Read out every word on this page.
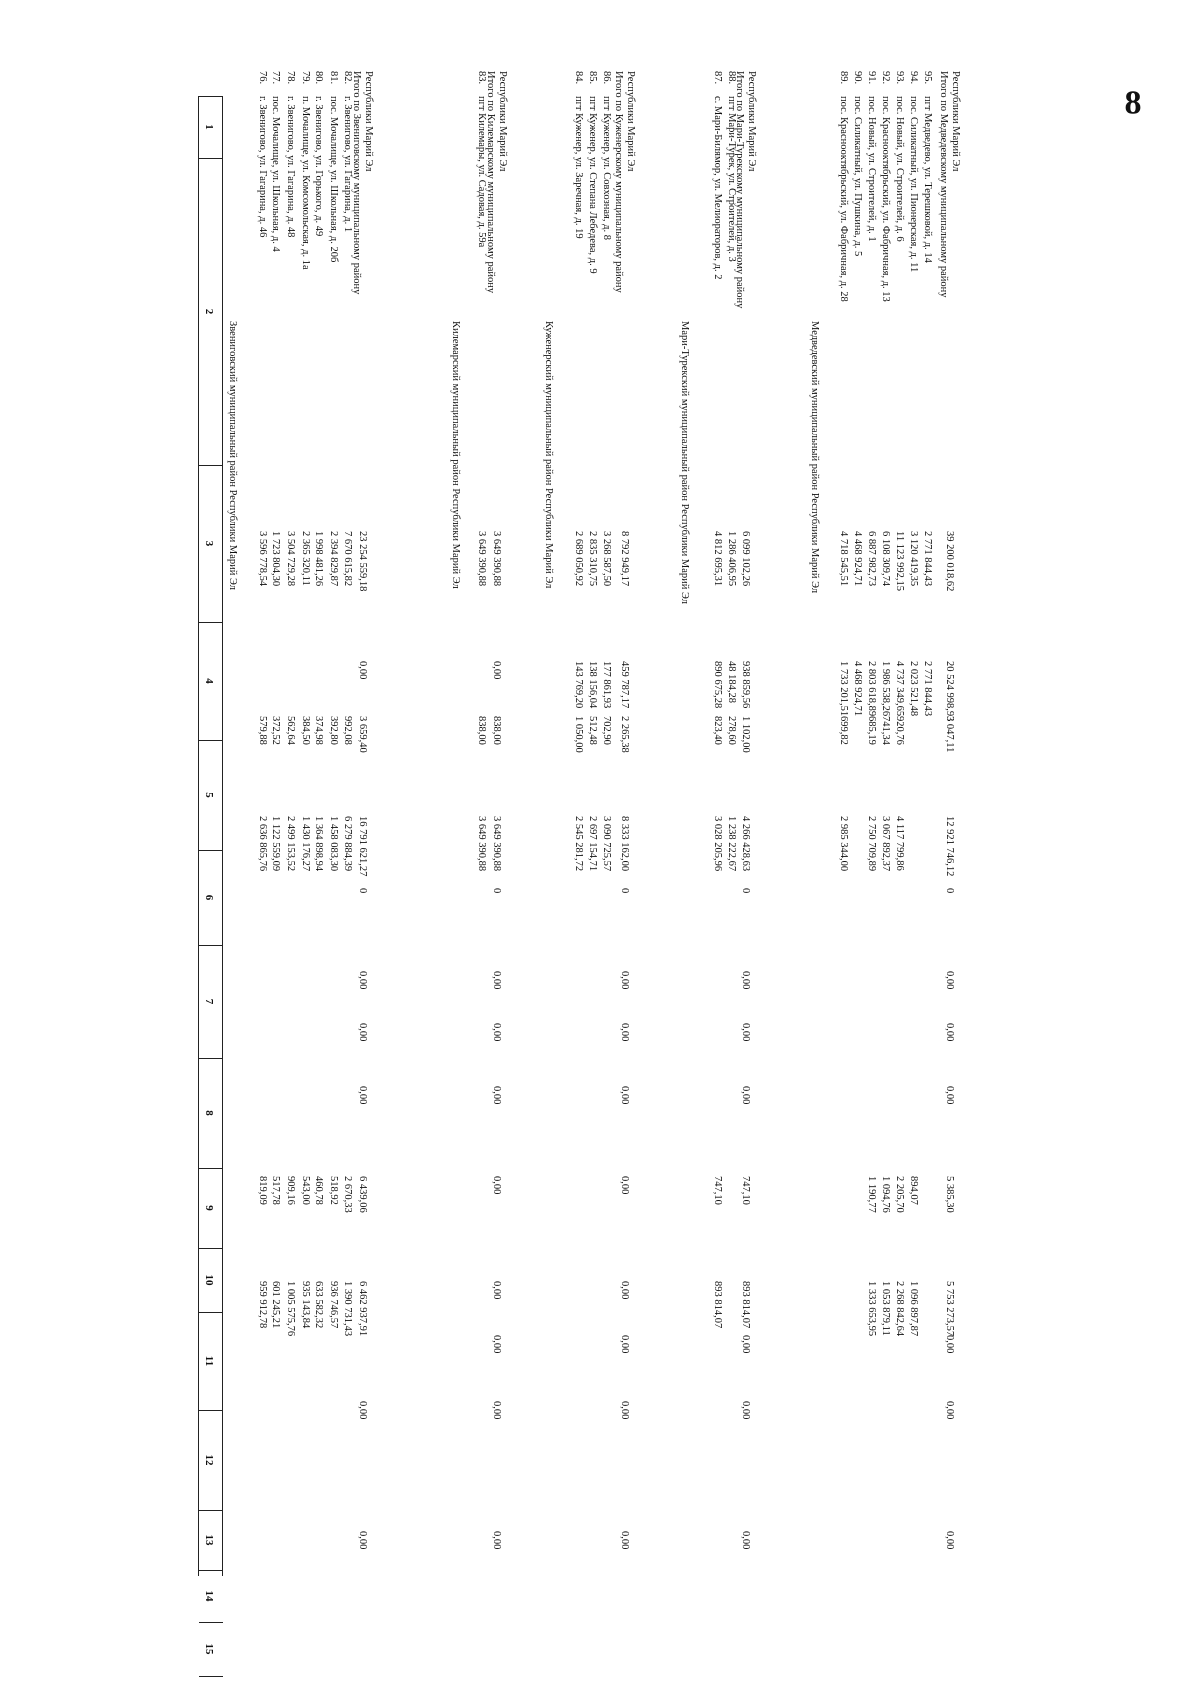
8
1
2
3
4
5
6
7
8
9
10
11
12
13
14
15
Звениговский муниципальный район Республики Марий Эл
76.
г. Звенигово, ул. Гагарина, д. 46
3 596 778,54
579,88
2 636 865,76
819,09
959 912,78
77.
пос. Мочалище, ул. Школьная, д. 4
1 723 804,30
372,52
1 122 559,09
517,78
601 245,21
78.
г. Звенигово, ул. Гагарина, д. 48
3 504 729,28
562,64
2 499 153,52
909,16
1 005 575,76
79.
п. Мочалище, ул. Комсомольская, д. 1а
2 365 320,11
384,50
1 430 176,27
543,00
935 143,84
80.
г. Звенигово, ул. Горького, д. 49
1 998 481,26
374,98
1 364 898,94
460,78
633 582,32
81.
пос. Мочалище, ул. Школьная, д. 20б
2 394 829,87
392,80
1 458 083,30
518,92
936 746,57
82.
г. Звенигово, ул. Гагарина, д. 1
7 670 615,82
992,08
6 279 884,39
2 670,33
1 390 731,43
Итого по Звениговскому муниципальному району Республики Марий Эл
23 254 559,18
0,00
3 659,40
16 791 621,27
0
0,00
0,00
0,00
6 439,06
6 462 937,91
0,00
0,00
Килемарский муниципальный район Республики Марий Эл
83.
пгт Килемары, ул. Садовая, д. 59а
3 649 390,88
838,00
3 649 390,88
Итого по Килемарскому муниципальному району Республики Марий Эл
3 649 390,88
0,00
838,00
3 649 390,88
0
0,00
0,00
0,00
0,00
0,00
0,00
0,00
0,00
Куженерский муниципальный район Республики Марий Эл
84.
пгт Куженер, ул. Заречная, д. 19
2 689 050,92
143 769,20
1 050,00
2 545 281,72
85.
пгт Куженер, ул. Степана Лебедева, д. 9
2 835 310,75
138 156,04
512,48
2 697 154,71
86.
пгт Куженер, ул. Совхозная, д. 8
3 268 587,50
177 861,93
702,90
3 090 725,57
Итого по Куженерскому муниципальному району Республики Марий Эл
8 792 949,17
459 787,17
2 265,38
8 333 162,00
0
0,00
0,00
0,00
0,00
0,00
0,00
0,00
0,00
Мари-Турекский муниципальный район Республики Марий Эл
87.
с. Мари-Билямор, ул. Мелиораторов, д. 2
4 812 695,31
890 675,28
823,40
3 028 205,96
747,10
893 814,07
88.
пгт Мари-Турек, ул. Строителей, д. 3
1 286 406,95
48 184,28
278,60
1 238 222,67
Итого по Мари-Турекскому муниципальному району Республики Марий Эл
6 099 102,26
938 859,56
1 102,00
4 266 428,63
0
0,00
0,00
0,00
747,10
893 814,07
0,00
0,00
0,00
Медведевский муниципальный район Республики Марий Эл
89.
пос. Краснооктябрьский, ул. Фабричная, д. 28
4 718 545,51
1 733 201,51
699,82
2 985 344,00
90.
пос. Силикатный, ул. Пушкина, д. 5
4 468 924,71
4 468 924,71
91.
пос. Новый, ул. Строителей, д. 1
6 887 982,73
2 803 618,89
685,19
2 750 709,89
1 190,77
1 333 653,95
92.
пос. Краснооктябрьский, ул. Фабричная, д. 13
6 108 309,74
1 986 538,26
741,34
3 067 892,37
1 094,76
1 053 879,11
93.
пос. Новый, ул. Строителей, д. 6
11 123 992,15
4 737 349,65
920,76
4 117 799,86
2 205,70
2 268 842,64
94.
пос. Силикатный, ул. Пионерская, д. 11
3 120 419,35
2 023 521,48
894,07
1 096 897,87
95.
пгт Медведево, ул. Терешковой, д. 14
2 771 844,43
2 771 844,43
Итого по Медведевскому муниципальному району Республики Марий Эл
39 200 018,62
20 524 998,93
3 047,11
12 921 746,12
0
0,00
0,00
0,00
5 385,30
5 753 273,57
0,00
0,00
0,00
